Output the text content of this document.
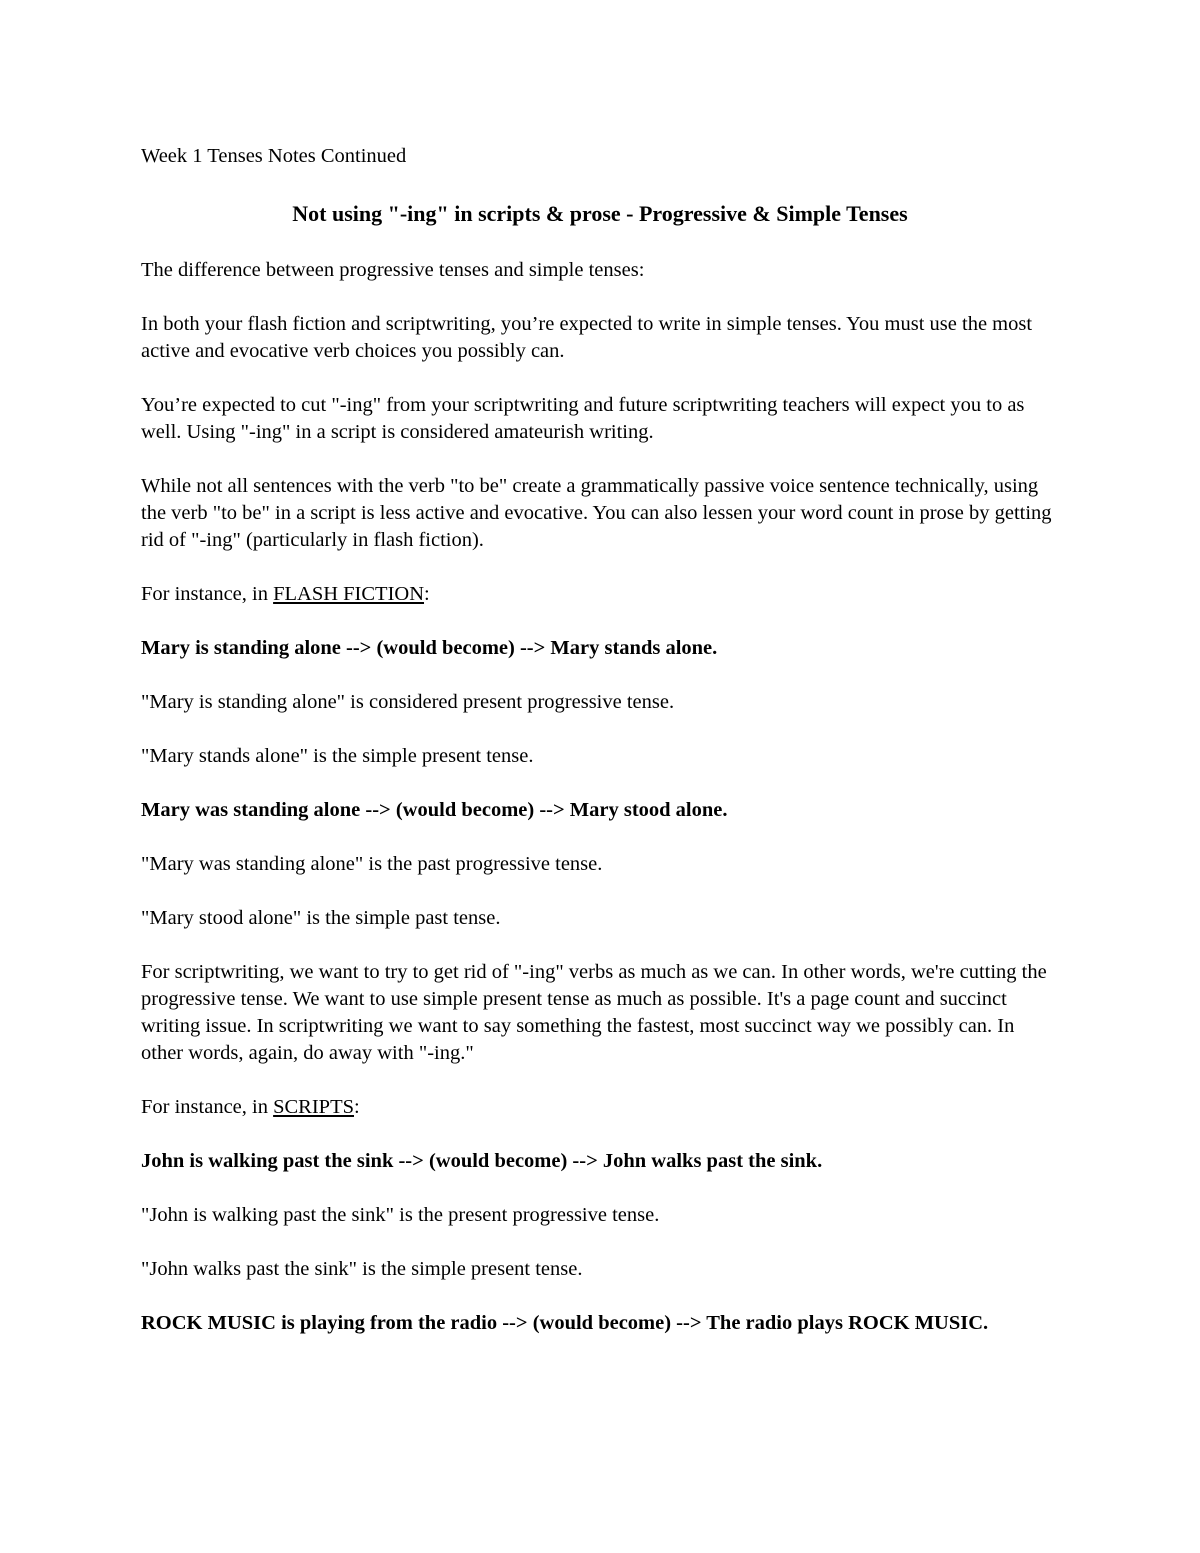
Week 1 Tenses Notes Continued

Not using "-ing" in scripts & prose - Progressive & Simple Tenses

The difference between progressive tenses and simple tenses:

In both your flash fiction and scriptwriting, you’re expected to write in simple tenses. You must use the most active and evocative verb choices you possibly can.

You’re expected to cut "-ing" from your scriptwriting and future scriptwriting teachers will expect you to as well. Using "-ing" in a script is considered amateurish writing.

While not all sentences with the verb "to be" create a grammatically passive voice sentence technically, using the verb "to be" in a script is less active and evocative. You can also lessen your word count in prose by getting rid of "-ing" (particularly in flash fiction).

For instance, in FLASH FICTION:

Mary is standing alone --> (would become) --> Mary stands alone.

"Mary is standing alone" is considered present progressive tense.

"Mary stands alone" is the simple present tense.

Mary was standing alone --> (would become) --> Mary stood alone.

"Mary was standing alone" is the past progressive tense.

"Mary stood alone" is the simple past tense.

For scriptwriting, we want to try to get rid of "-ing" verbs as much as we can. In other words, we're cutting the progressive tense. We want to use simple present tense as much as possible. It's a page count and succinct writing issue. In scriptwriting we want to say something the fastest, most succinct way we possibly can. In other words, again, do away with "-ing."

For instance, in SCRIPTS:

John is walking past the sink --> (would become) --> John walks past the sink.

"John is walking past the sink" is the present progressive tense.

"John walks past the sink" is the simple present tense.

ROCK MUSIC is playing from the radio --> (would become) --> The radio plays ROCK MUSIC.
